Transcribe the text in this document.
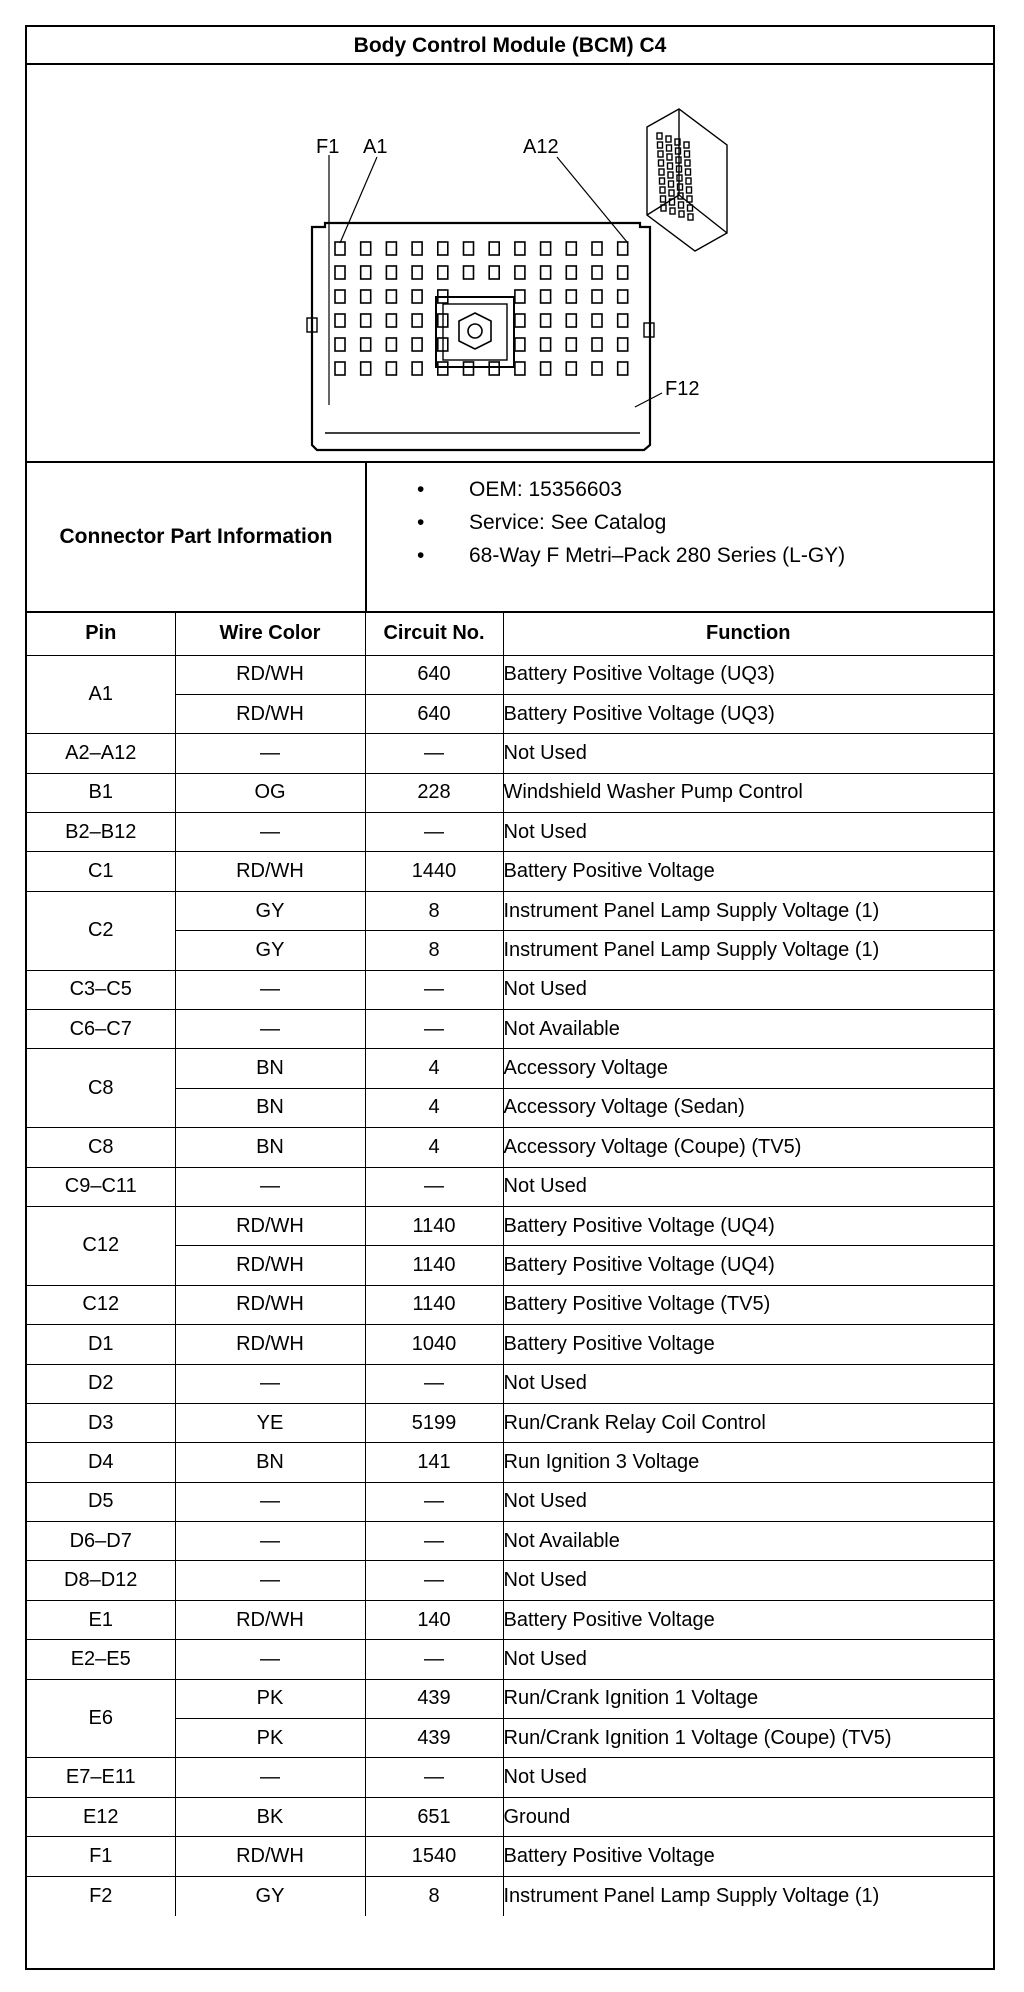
Body Control Module (BCM) C4
F1 A1	A12
F12
Connector Part Information
• OEM: 15356603
• Service: See Catalog
• 68-Way F Metri–Pack 280 Series (L-GY)
Pin	Wire Color	Circuit No.	Function
A1	RD/WH	640	Battery Positive Voltage (UQ3)
	RD/WH	640	Battery Positive Voltage (UQ3)
A2–A12	—	—	Not Used
B1	OG	228	Windshield Washer Pump Control
B2–B12	—	—	Not Used
C1	RD/WH	1440	Battery Positive Voltage
C2	GY	8	Instrument Panel Lamp Supply Voltage (1)
	GY	8	Instrument Panel Lamp Supply Voltage (1)
C3–C5	—	—	Not Used
C6–C7	—	—	Not Available
C8	BN	4	Accessory Voltage
	BN	4	Accessory Voltage (Sedan)
C8	BN	4	Accessory Voltage (Coupe) (TV5)
C9–C11	—	—	Not Used
C12	RD/WH	1140	Battery Positive Voltage (UQ4)
	RD/WH	1140	Battery Positive Voltage (UQ4)
C12	RD/WH	1140	Battery Positive Voltage (TV5)
D1	RD/WH	1040	Battery Positive Voltage
D2	—	—	Not Used
D3	YE	5199	Run/Crank Relay Coil Control
D4	BN	141	Run Ignition 3 Voltage
D5	—	—	Not Used
D6–D7	—	—	Not Available
D8–D12	—	—	Not Used
E1	RD/WH	140	Battery Positive Voltage
E2–E5	—	—	Not Used
E6	PK	439	Run/Crank Ignition 1 Voltage
	PK	439	Run/Crank Ignition 1 Voltage (Coupe) (TV5)
E7–E11	—	—	Not Used
E12	BK	651	Ground
F1	RD/WH	1540	Battery Positive Voltage
F2	GY	8	Instrument Panel Lamp Supply Voltage (1)
